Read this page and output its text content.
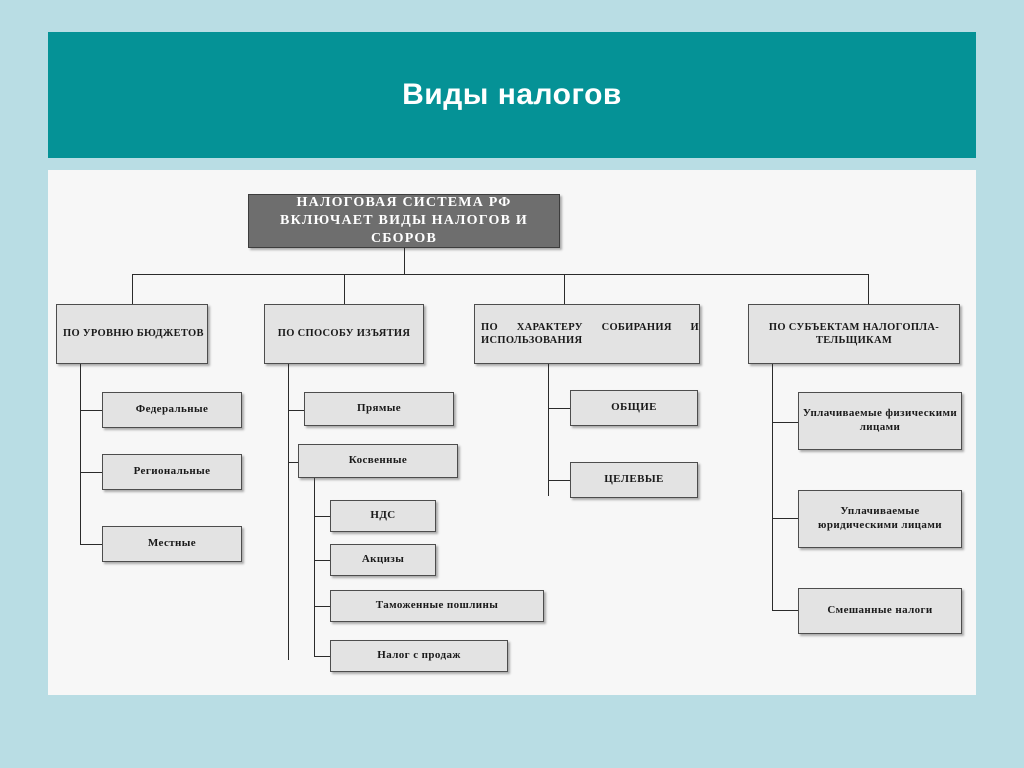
Виды налогов
НАЛОГОВАЯ СИСТЕМА РФ ВКЛЮЧАЕТ ВИДЫ НАЛОГОВ И СБОРОВ
ПО УРОВНЮ БЮДЖЕТОВ
Федеральные
Региональные
Местные
ПО СПОСОБУ ИЗЪЯТИЯ
Прямые
Косвенные
НДС
Акцизы
Таможенные пошлины
Налог с продаж
ПО ХАРАКТЕРУ СОБИРАНИЯ И ИСПОЛЬЗОВАНИЯ
ОБЩИЕ
ЦЕЛЕВЫЕ
ПО СУБЪЕКТАМ НАЛОГОПЛА-ТЕЛЬЩИКАМ
Уплачиваемые физическими лицами
Уплачиваемые юридическими лицами
Смешанные налоги
